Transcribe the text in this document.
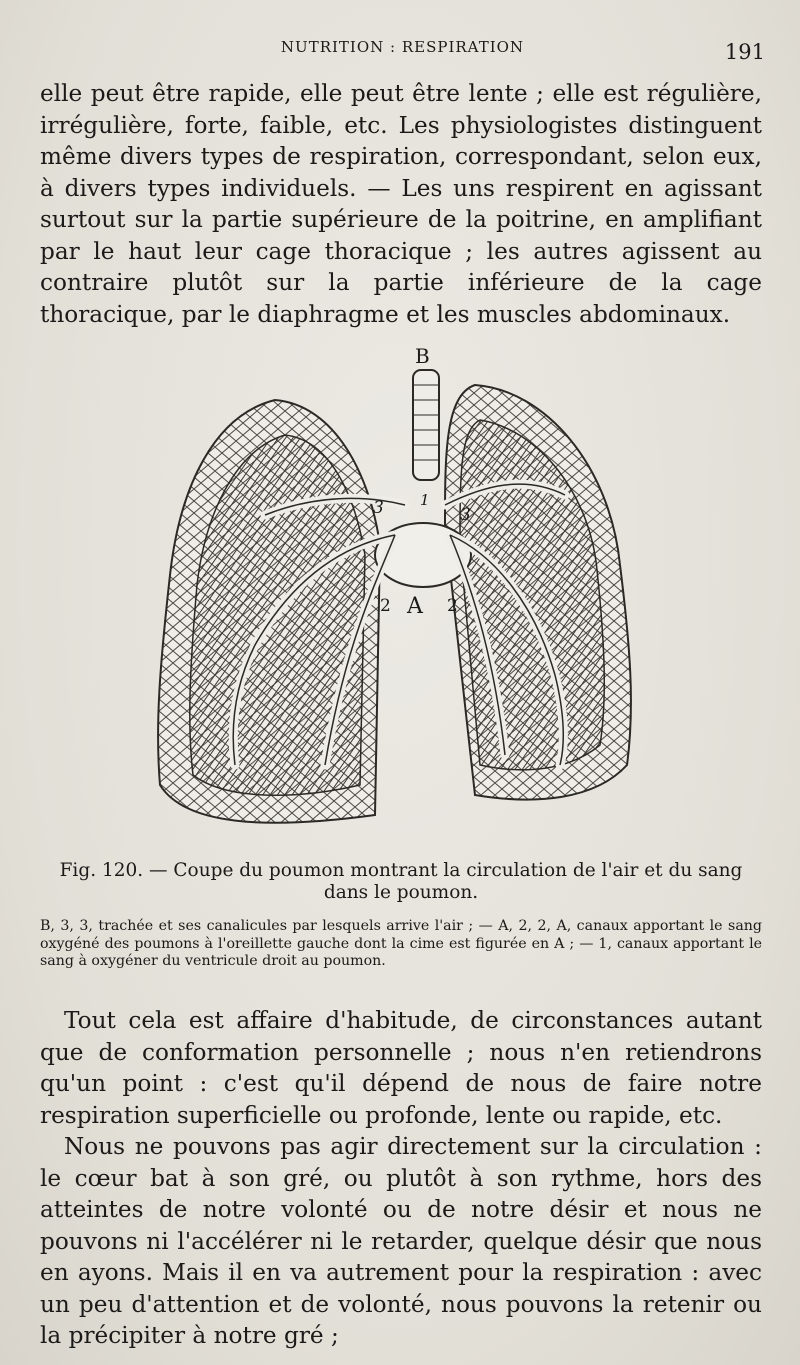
NUTRITION : RESPIRATION	191

elle peut être rapide, elle peut être lente ; elle est régulière, irrégulière, forte, faible, etc. Les physiologistes distinguent même divers types de respiration, correspondant, selon eux, à divers types individuels. — Les uns respirent en agissant surtout sur la partie supérieure de la poitrine, en amplifiant par le haut leur cage thoracique ; les autres agissent au contraire plutôt sur la partie inférieure de la cage thoracique, par le diaphragme et les muscles abdominaux.

B
3 1
3
2 A 2

Fig. 120. — Coupe du poumon montrant la circulation de l'air et du sang dans le poumon.

B, 3, 3, trachée et ses canalicules par lesquels arrive l'air ; — A, 2, 2, A, canaux apportant le sang oxygéné des poumons à l'oreillette gauche dont la cime est figurée en A ; — 1, canaux apportant le sang à oxygéner du ventricule droit au poumon.

Tout cela est affaire d'habitude, de circonstances autant que de conformation personnelle ; nous n'en retiendrons qu'un point : c'est qu'il dépend de nous de faire notre respiration superficielle ou profonde, lente ou rapide, etc.

Nous ne pouvons pas agir directement sur la circulation : le cœur bat à son gré, ou plutôt à son rythme, hors des atteintes de notre volonté ou de notre désir et nous ne pouvons ni l'accélérer ni le retarder, quelque désir que nous en ayons. Mais il en va autrement pour la respiration : avec un peu d'attention et de volonté, nous pouvons la retenir ou la précipiter à notre gré ;
